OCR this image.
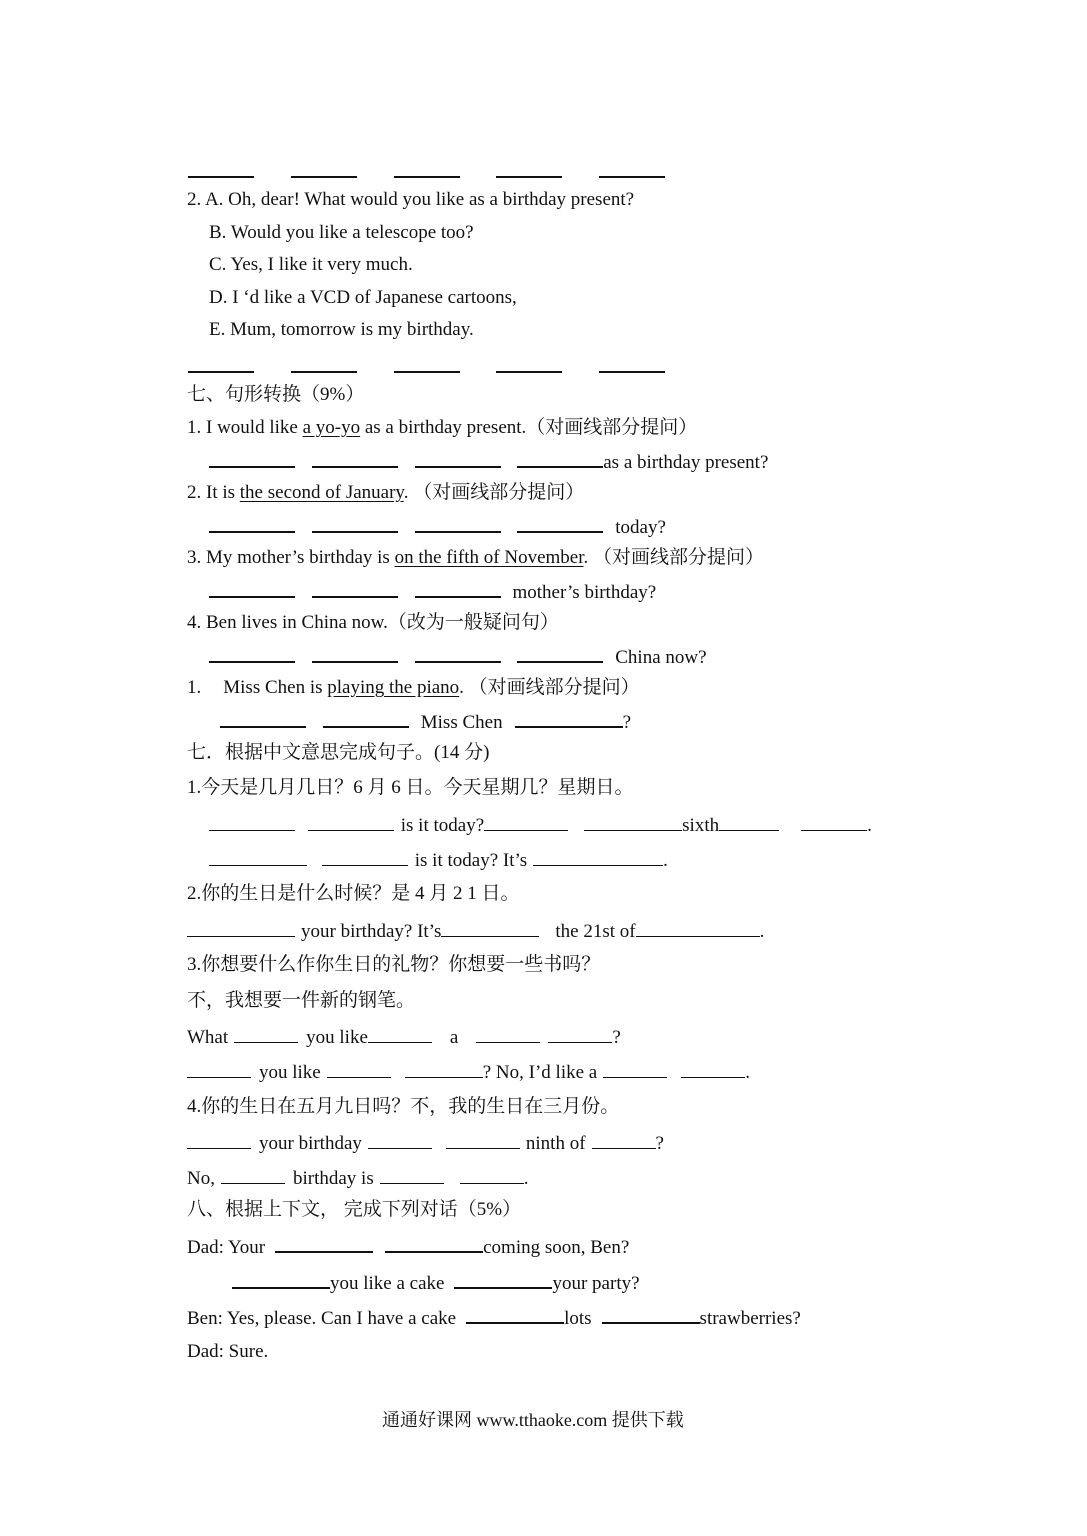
2. A. Oh, dear! What would you like as a birthday present?
B. Would you like a telescope too?
C. Yes, I like it very much.
D. I ‘d like a VCD of Japanese cartoons,
E. Mum, tomorrow is my birthday.

七、句形转换（9%）
1. I would like a yo-yo as a birthday present.（对画线部分提问）
as a birthday present?
2. It is the second of January. （对画线部分提问）
today?
3. My mother’s birthday is on the fifth of November. （对画线部分提问）
mother’s birthday?
4. Ben lives in China now.（改为一般疑问句）
China now?
1. Miss Chen is playing the piano. （对画线部分提问）
Miss Chen	?
七．根据中文意思完成句子。(14 分)
1.今天是几月几日？6 月 6 日。今天星期几？星期日。
is it today?	sixth	.
is it today? It’s	.
2.你的生日是什么时候？是 4 月 2 1 日。
your birthday? It’s	the 21st of	.
3.你想要什么作你生日的礼物？你想要一些书吗？
不，我想要一件新的钢笔。
What	you like	a	?
you like	? No, I’d like a	.
4.你的生日在五月九日吗？不，我的生日在三月份。
your birthday	ninth of	?
No,	birthday is	.
八、根据上下文， 完成下列对话（5%）
Dad: Your	coming soon, Ben?
you like a cake	your party?
Ben: Yes, please. Can I have a cake	lots	strawberries?
Dad: Sure.
通通好课网 www.tthaoke.com 提供下载
